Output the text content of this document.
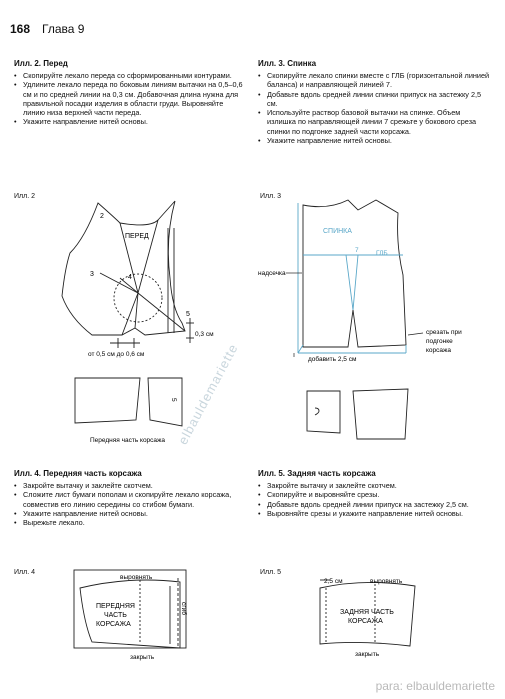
168 Глава 9
Илл. 2. Перед
• Скопируйте лекало переда со сформированными контурами.
• Удлините лекало переда по боковым линиям вытачки на 0,5–0,6 см и по средней линии на 0,3 см. Добавочная длина нужна для правильной посадки изделия в области груди. Выровняйте линию низа верхней части переда.
• Укажите направление нитей основы.
Илл. 3. Спинка
• Скопируйте лекало спинки вместе с ГЛБ (горизонтальной линией баланса) и направляющей линией 7.
• Добавьте вдоль средней линии спинки припуск на застежку 2,5 см.
• Используйте раствор базовой вытачки на спинке. Объем излишка по направляющей линии 7 срежьте у бокового среза спинки по подгонке задней части корсажа.
• Укажите направление нитей основы.
Илл. 2
ПЕРЕД
2
3	4
5
0,3 см
от 0,5 см до 0,6 см
5
Передняя часть корсажа
Илл. 3
СПИНКА
ГЛБ
7
надсечка
добавить 2,5 см
срезать при
подгонке
корсажа
elbauldemariette
Илл. 4. Передняя часть корсажа
• Закройте вытачку и заклейте скотчем.
• Сложите лист бумаги пополам и скопируйте лекало корсажа, совместив его линию середины со стибом бумаги.
• Укажите направление нитей основы.
• Вырежьте лекало.
Илл. 5. Задняя часть корсажа
• Закройте вытачку и заклейте скотчем.
• Скопируйте и выровняйте срезы.
• Добавьте вдоль средней линии припуск на застежку 2,5 см.
• Выровняйте срезы и укажите направление нитей основы.
Илл. 4
выровнять
закрыть
ПЕРЕДНЯЯ
ЧАСТЬ
КОРСАЖА
сгиб
Илл. 5
2,5 см	выровнять
закрыть
ЗАДНЯЯ ЧАСТЬ
КОРСАЖА
para: elbauldemariette
